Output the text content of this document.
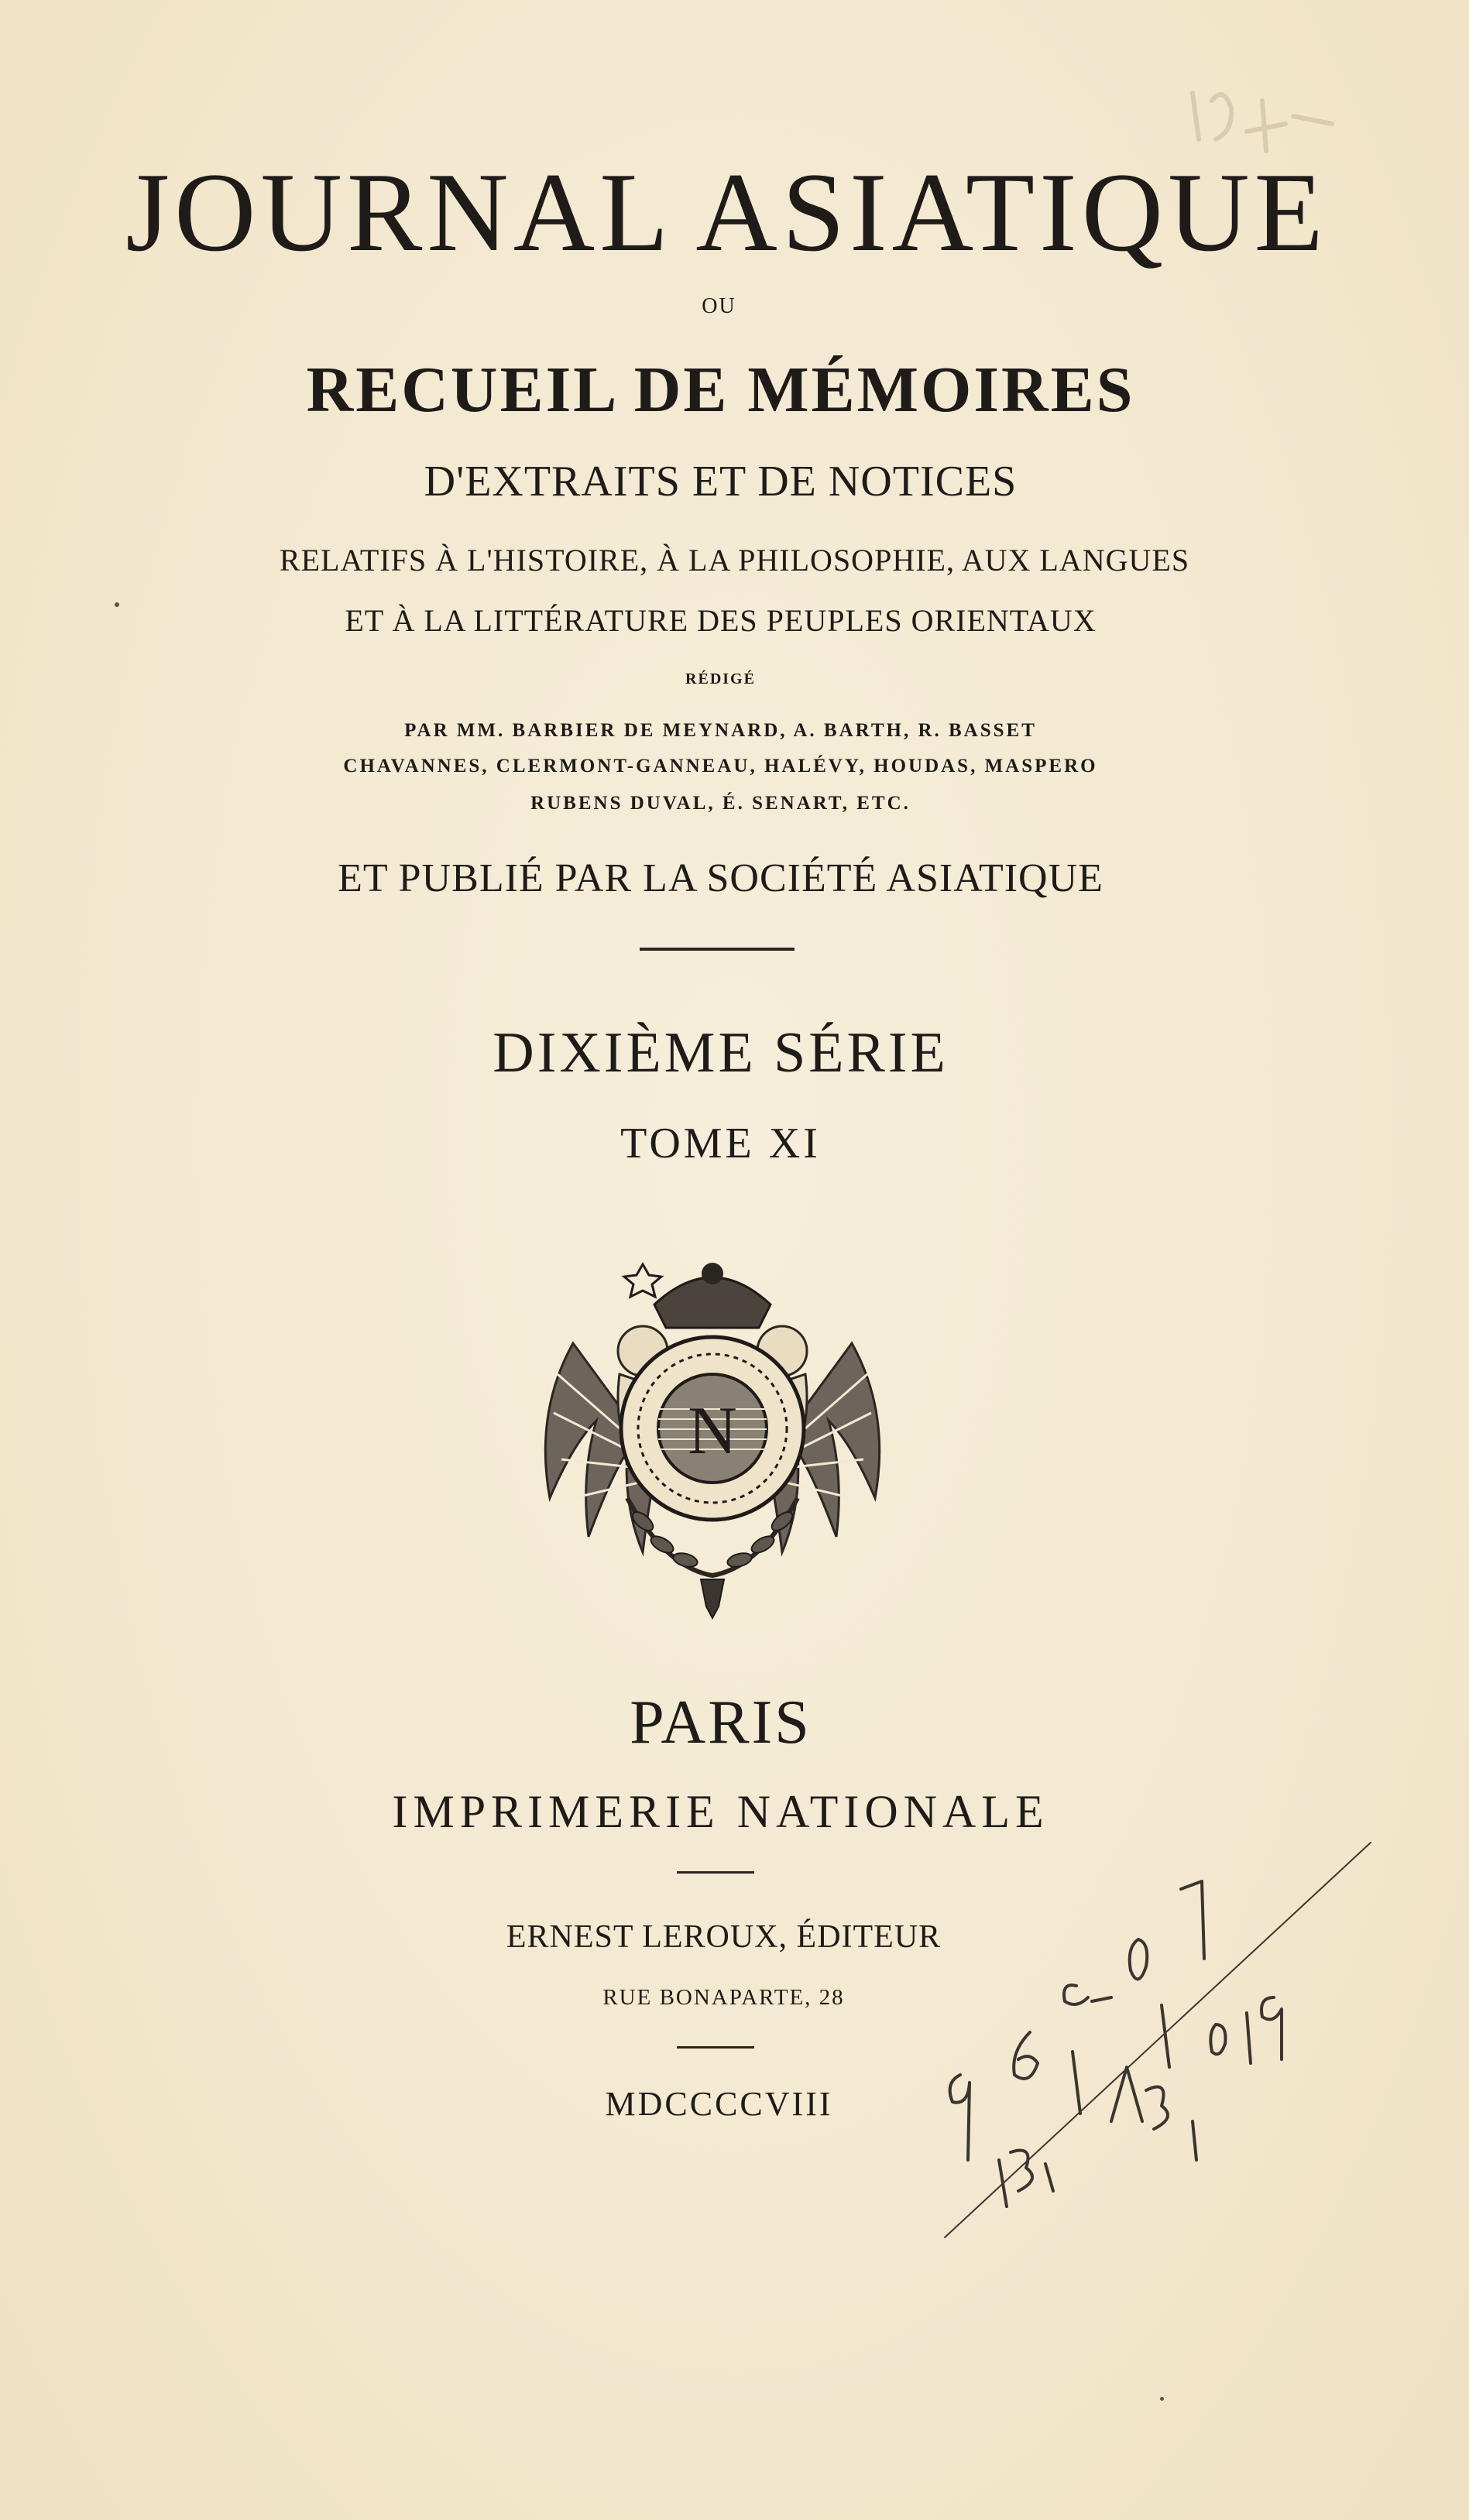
JOURNAL ASIATIQUE
OU
RECUEIL DE MÉMOIRES
D'EXTRAITS ET DE NOTICES
RELATIFS À L'HISTOIRE, À LA PHILOSOPHIE, AUX LANGUES
ET À LA LITTÉRATURE DES PEUPLES ORIENTAUX
RÉDIGÉ
PAR MM. BARBIER DE MEYNARD, A. BARTH, R. BASSET
CHAVANNES, CLERMONT-GANNEAU, HALÉVY, HOUDAS, MASPERO
RUBENS DUVAL, É. SENART, ETC.
ET PUBLIÉ PAR LA SOCIÉTÉ ASIATIQUE
DIXIÈME SÉRIE
TOME XI
N
PARIS
IMPRIMERIE NATIONALE
ERNEST LEROUX, ÉDITEUR
RUE BONAPARTE, 28
MDCCCCVIII
